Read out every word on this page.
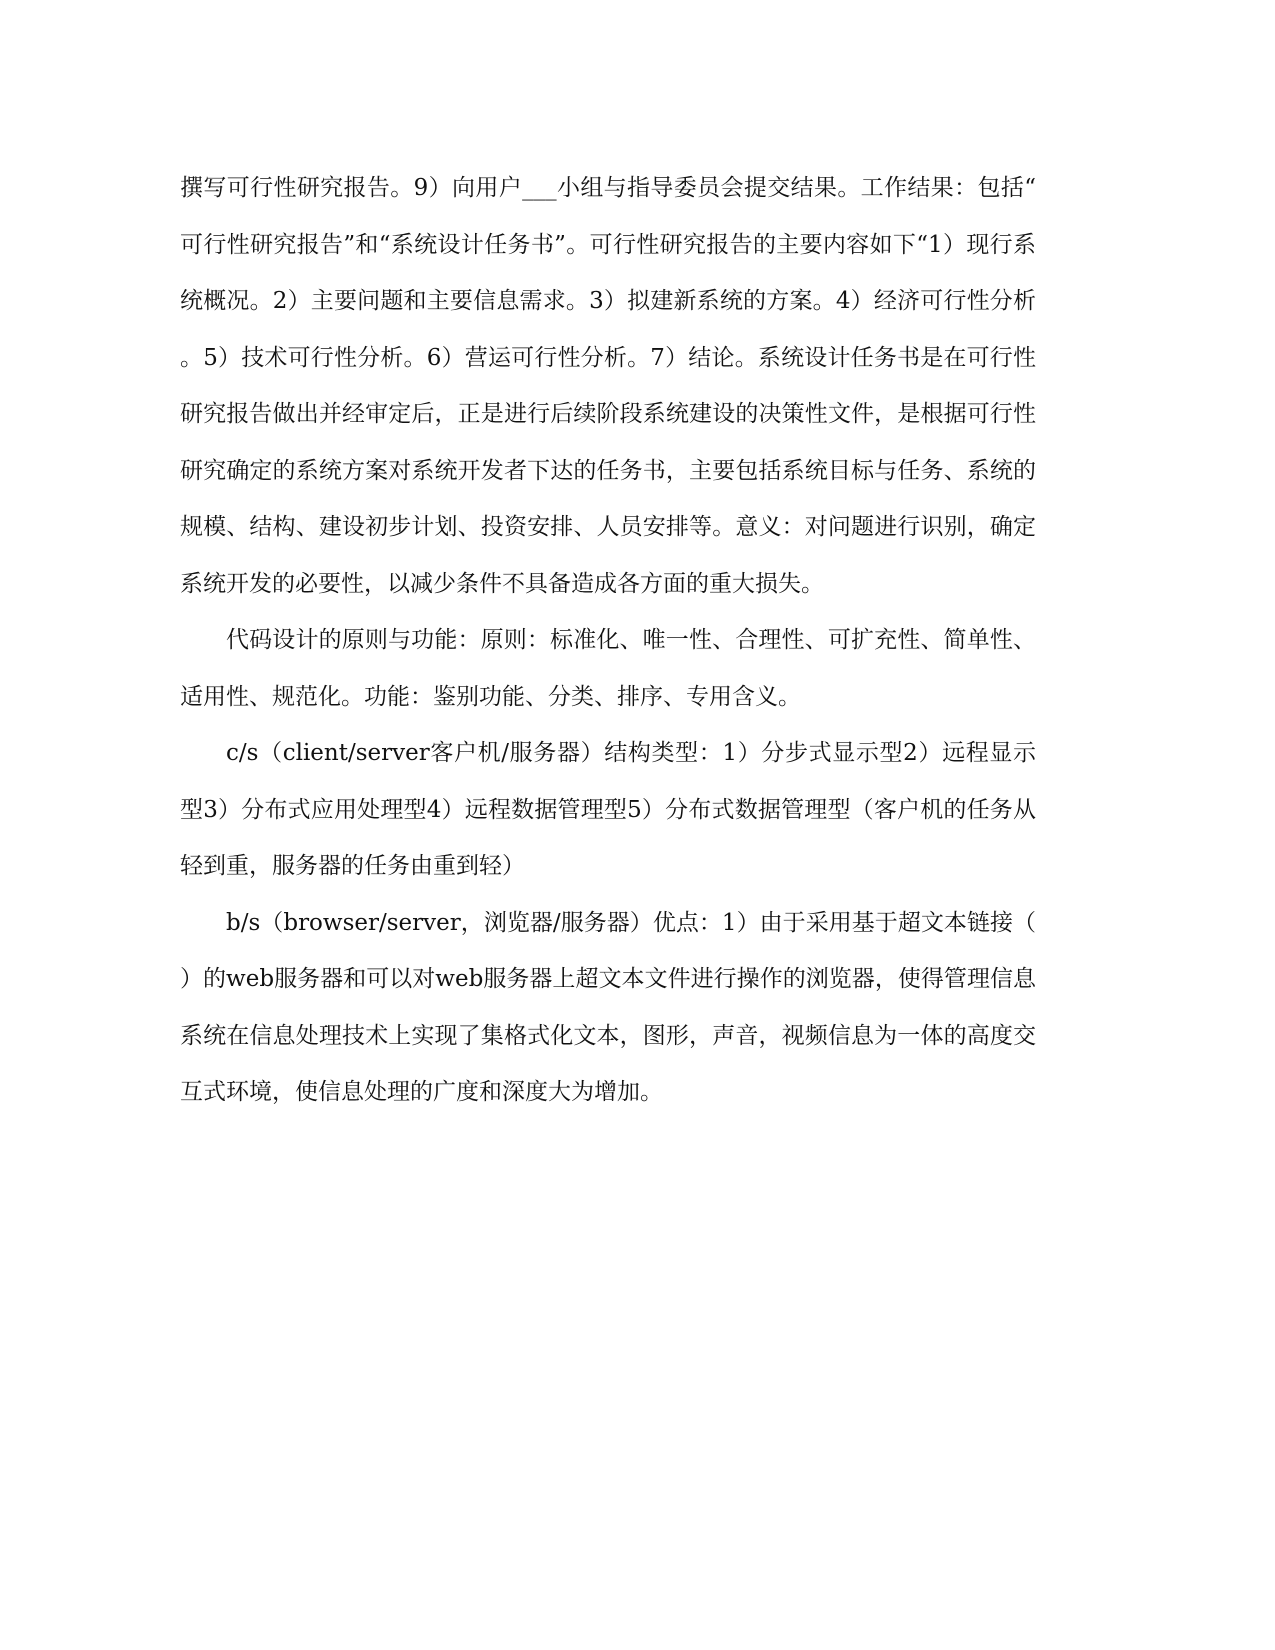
撰写可行性研究报告。9）向用户___小组与指导委员会提交结果。工作结果：包括“可行性研究报告”和“系统设计任务书”。可行性研究报告的主要内容如下“1）现行系统概况。2）主要问题和主要信息需求。3）拟建新系统的方案。4）经济可行性分析。5）技术可行性分析。6）营运可行性分析。7）结论。系统设计任务书是在可行性研究报告做出并经审定后，正是进行后续阶段系统建设的决策性文件，是根据可行性研究确定的系统方案对系统开发者下达的任务书，主要包括系统目标与任务、系统的规模、结构、建设初步计划、投资安排、人员安排等。意义：对问题进行识别，确定系统开发的必要性，以减少条件不具备造成各方面的重大损失。

代码设计的原则与功能：原则：标准化、唯一性、合理性、可扩充性、简单性、适用性、规范化。功能：鉴别功能、分类、排序、专用含义。

c/s（client/server客户机/服务器）结构类型：1）分步式显示型2）远程显示型3）分布式应用处理型4）远程数据管理型5）分布式数据管理型（客户机的任务从轻到重，服务器的任务由重到轻）

b/s（browser/server，浏览器/服务器）优点：1）由于采用基于超文本链接（）的web服务器和可以对web服务器上超文本文件进行操作的浏览器，使得管理信息系统在信息处理技术上实现了集格式化文本，图形，声音，视频信息为一体的高度交互式环境，使信息处理的广度和深度大为增加。
